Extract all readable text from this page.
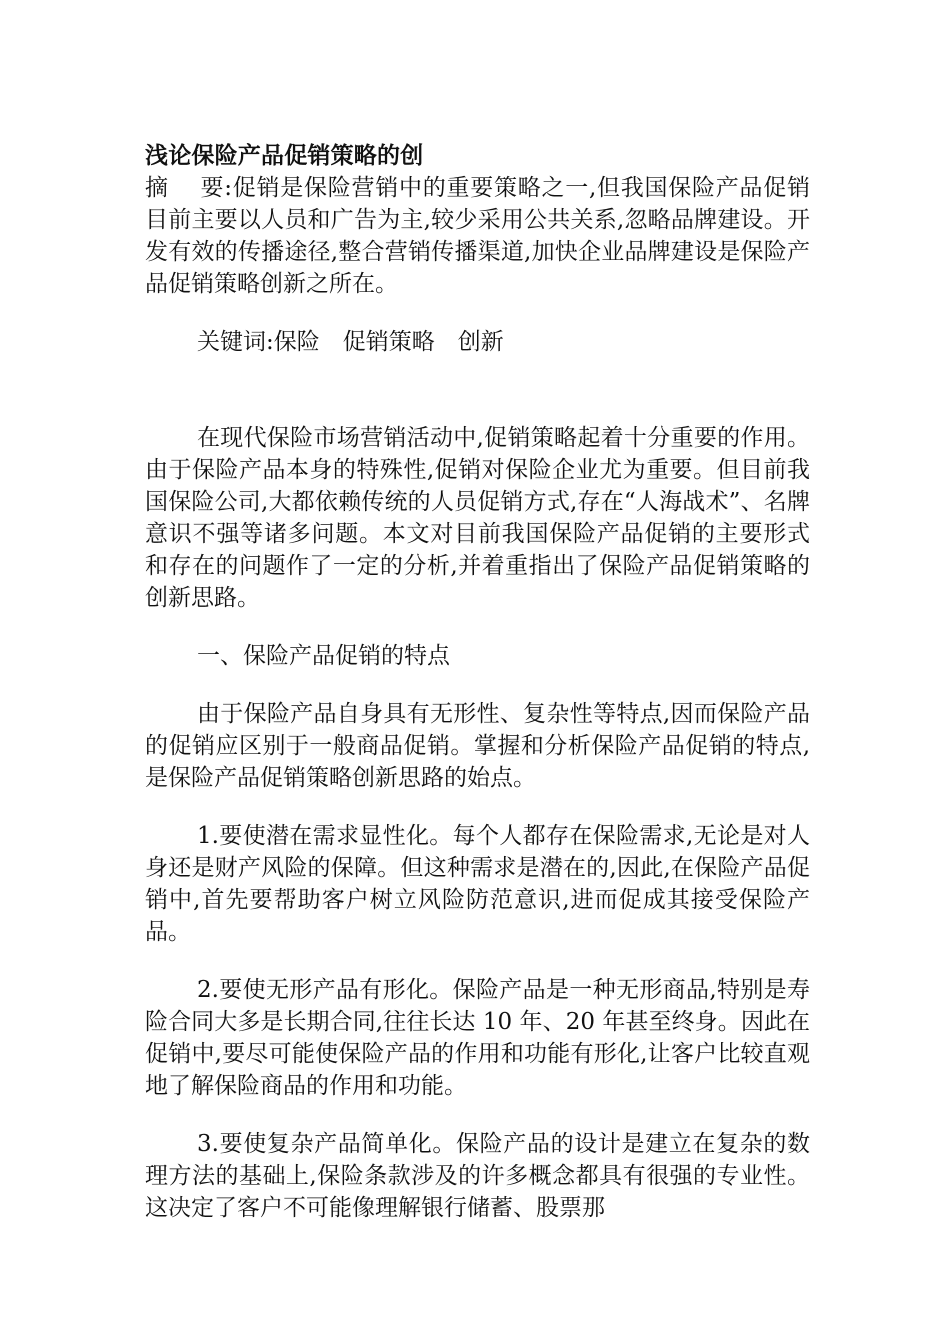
浅论保险产品促销策略的创

摘　 要:促销是保险营销中的重要策略之一,但我国保险产品促销目前主要以人员和广告为主,较少采用公共关系,忽略品牌建设。开发有效的传播途径,整合营销传播渠道,加快企业品牌建设是保险产品促销策略创新之所在。

关键词:保险　促销策略　创新

在现代保险市场营销活动中,促销策略起着十分重要的作用。由于保险产品本身的特殊性,促销对保险企业尤为重要。但目前我国保险公司,大都依赖传统的人员促销方式,存在“人海战术”、名牌意识不强等诸多问题。本文对目前我国保险产品促销的主要形式和存在的问题作了一定的分析,并着重指出了保险产品促销策略的创新思路。

一、保险产品促销的特点

由于保险产品自身具有无形性、复杂性等特点,因而保险产品的促销应区别于一般商品促销。掌握和分析保险产品促销的特点,是保险产品促销策略创新思路的始点。

1.要使潜在需求显性化。每个人都存在保险需求,无论是对人身还是财产风险的保障。但这种需求是潜在的,因此,在保险产品促销中,首先要帮助客户树立风险防范意识,进而促成其接受保险产品。

2.要使无形产品有形化。保险产品是一种无形商品,特别是寿险合同大多是长期合同,往往长达 10 年、20 年甚至终身。因此在促销中,要尽可能使保险产品的作用和功能有形化,让客户比较直观地了解保险商品的作用和功能。

3.要使复杂产品简单化。保险产品的设计是建立在复杂的数理方法的基础上,保险条款涉及的许多概念都具有很强的专业性。这决定了客户不可能像理解银行储蓄、股票那
